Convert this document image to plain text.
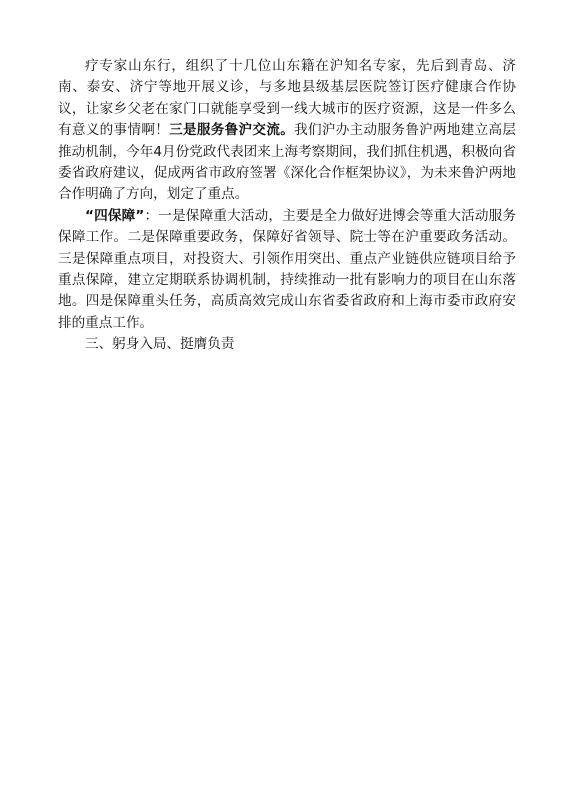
疗专家山东行，组织了十几位山东籍在沪知名专家，先后到青岛、济南、泰安、济宁等地开展义诊，与多地县级基层医院签订医疗健康合作协议，让家乡父老在家门口就能享受到一线大城市的医疗资源，这是一件多么有意义的事情啊！三是服务鲁沪交流。我们沪办主动服务鲁沪两地建立高层推动机制，今年4月份党政代表团来上海考察期间，我们抓住机遇，积极向省委省政府建议，促成两省市政府签署《深化合作框架协议》，为未来鲁沪两地合作明确了方向，划定了重点。

“四保障”：一是保障重大活动，主要是全力做好进博会等重大活动服务保障工作。二是保障重要政务，保障好省领导、院士等在沪重要政务活动。三是保障重点项目，对投资大、引领作用突出、重点产业链供应链项目给予重点保障，建立定期联系协调机制，持续推动一批有影响力的项目在山东落地。四是保障重头任务，高质高效完成山东省委省政府和上海市委市政府安排的重点工作。

三、躬身入局、挺膺负责
